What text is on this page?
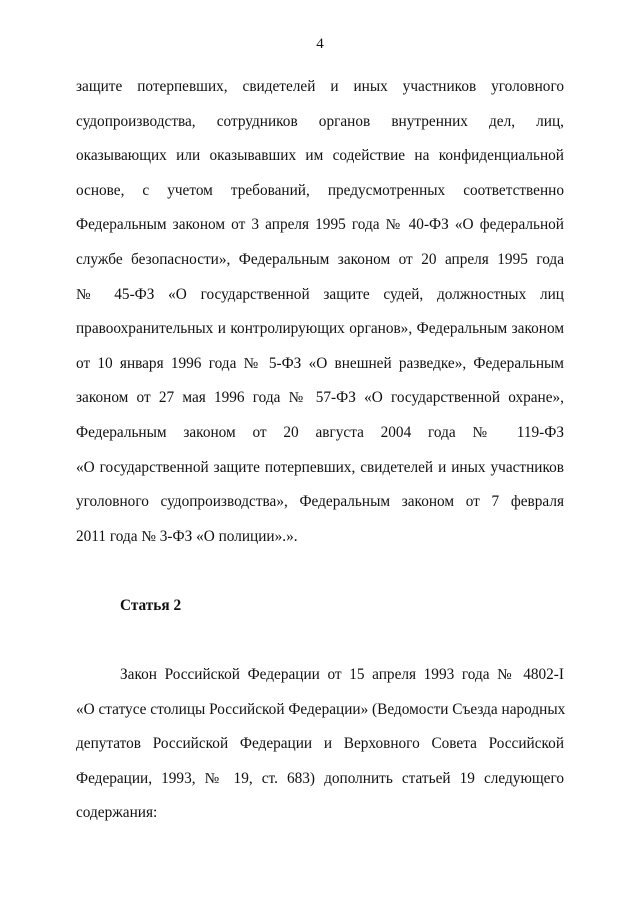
4
защите потерпевших, свидетелей и иных участников уголовного
судопроизводства, сотрудников органов внутренних дел, лиц,
оказывающих или оказывавших им содействие на конфиденциальной
основе, с учетом требований, предусмотренных соответственно
Федеральным законом от 3 апреля 1995 года № 40-ФЗ «О федеральной
службе безопасности», Федеральным законом от 20 апреля 1995 года
№ 45-ФЗ «О государственной защите судей, должностных лиц
правоохранительных и контролирующих органов», Федеральным законом
от 10 января 1996 года № 5-ФЗ «О внешней разведке», Федеральным
законом от 27 мая 1996 года № 57-ФЗ «О государственной охране»,
Федеральным законом от 20 августа 2004 года № 119-ФЗ
«О государственной защите потерпевших, свидетелей и иных участников
уголовного судопроизводства», Федеральным законом от 7 февраля
2011 года № 3-ФЗ «О полиции».».
Статья 2
Закон Российской Федерации от 15 апреля 1993 года № 4802-I
«О статусе столицы Российской Федерации» (Ведомости Съезда народных
депутатов Российской Федерации и Верховного Совета Российской
Федерации, 1993, № 19, ст. 683) дополнить статьей 19 следующего
содержания:
